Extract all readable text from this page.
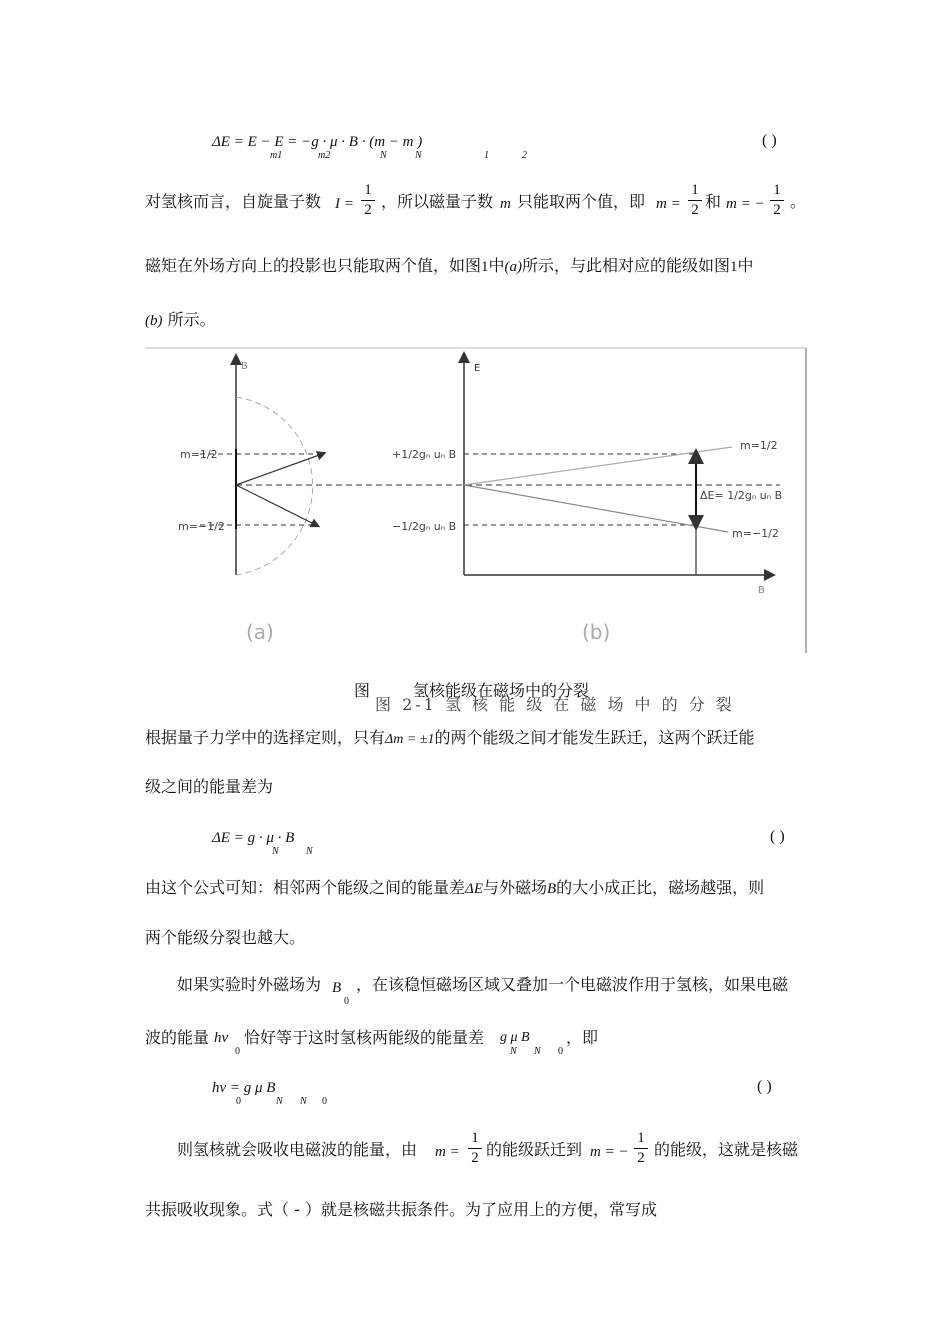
ΔE = E − E = −g · μ · B · (m − m )
m1	m2	N	N	1	2
( )
对氢核而言，自旋量子数 I =
1
2 ，所以磁量子数 m 只能取两个值，即 m =
1
2 和 m = −
1
2 。
磁矩在外场方向上的投影也只能取两个值，如图1中(a)所示，与此相对应的能级如图1中
(b) 所示。
B
m=1/2
m=−1/2
(a)
E
B
+1/2gₙ uₙ B
−1/2gₙ uₙ B
m=1/2
m=−1/2
ΔE= 1/2gₙ uₙ B
(b)
图	氢核能级在磁场中的分裂
图 2-1 氢 核 能 级 在 磁 场 中 的 分 裂
根据量子力学中的选择定则，只有Δm = ±1的两个能级之间才能发生跃迁，这两个跃迁能
级之间的能量差为
ΔE = g · μ · B
N	N
( )
由这个公式可知：相邻两个能级之间的能量差ΔE与外磁场B的大小成正比，磁场越强，则
两个能级分裂也越大。
如果实验时外磁场为 B
0
，在该稳恒磁场区域又叠加一个电磁波作用于氢核，如果电磁
波的能量 hν
0
恰好等于这时氢核两能级的能量差 g μ B
N N 0
，即
hν = g μ B
0	N N 0
( )
则氢核就会吸收电磁波的能量，由 m =
1
2 的能级跃迁到 m = −
1
2 的能级，这就是核磁
共振吸收现象。式（ - ）就是核磁共振条件。为了应用上的方便，常写成
